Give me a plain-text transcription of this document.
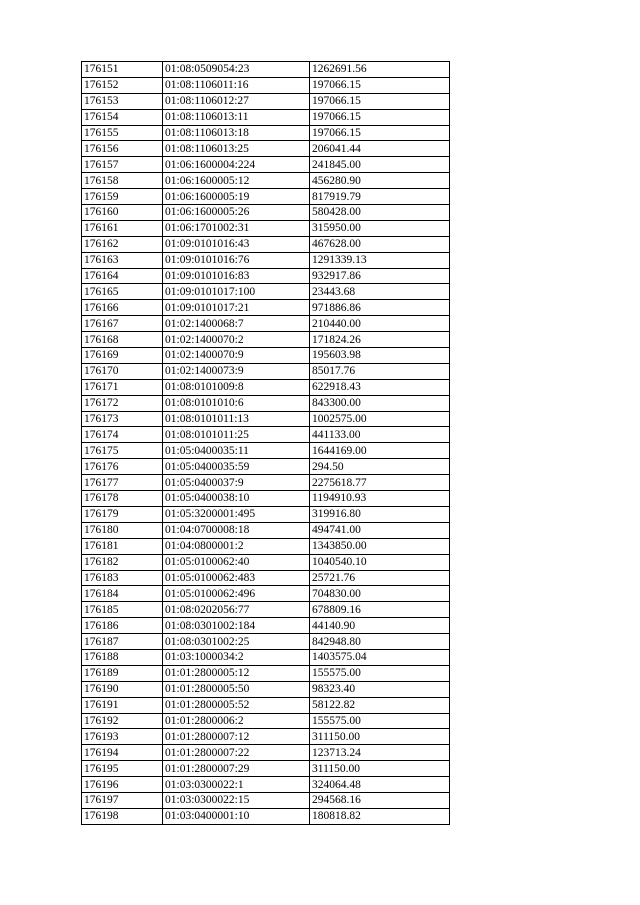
176151	01:08:0509054:23	1262691.56
176152	01:08:1106011:16	197066.15
176153	01:08:1106012:27	197066.15
176154	01:08:1106013:11	197066.15
176155	01:08:1106013:18	197066.15
176156	01:08:1106013:25	206041.44
176157	01:06:1600004:224	241845.00
176158	01:06:1600005:12	456280.90
176159	01:06:1600005:19	817919.79
176160	01:06:1600005:26	580428.00
176161	01:06:1701002:31	315950.00
176162	01:09:0101016:43	467628.00
176163	01:09:0101016:76	1291339.13
176164	01:09:0101016:83	932917.86
176165	01:09:0101017:100	23443.68
176166	01:09:0101017:21	971886.86
176167	01:02:1400068:7	210440.00
176168	01:02:1400070:2	171824.26
176169	01:02:1400070:9	195603.98
176170	01:02:1400073:9	85017.76
176171	01:08:0101009:8	622918.43
176172	01:08:0101010:6	843300.00
176173	01:08:0101011:13	1002575.00
176174	01:08:0101011:25	441133.00
176175	01:05:0400035:11	1644169.00
176176	01:05:0400035:59	294.50
176177	01:05:0400037:9	2275618.77
176178	01:05:0400038:10	1194910.93
176179	01:05:3200001:495	319916.80
176180	01:04:0700008:18	494741.00
176181	01:04:0800001:2	1343850.00
176182	01:05:0100062:40	1040540.10
176183	01:05:0100062:483	25721.76
176184	01:05:0100062:496	704830.00
176185	01:08:0202056:77	678809.16
176186	01:08:0301002:184	44140.90
176187	01:08:0301002:25	842948.80
176188	01:03:1000034:2	1403575.04
176189	01:01:2800005:12	155575.00
176190	01:01:2800005:50	98323.40
176191	01:01:2800005:52	58122.82
176192	01:01:2800006:2	155575.00
176193	01:01:2800007:12	311150.00
176194	01:01:2800007:22	123713.24
176195	01:01:2800007:29	311150.00
176196	01:03:0300022:1	324064.48
176197	01:03:0300022:15	294568.16
176198	01:03:0400001:10	180818.82
